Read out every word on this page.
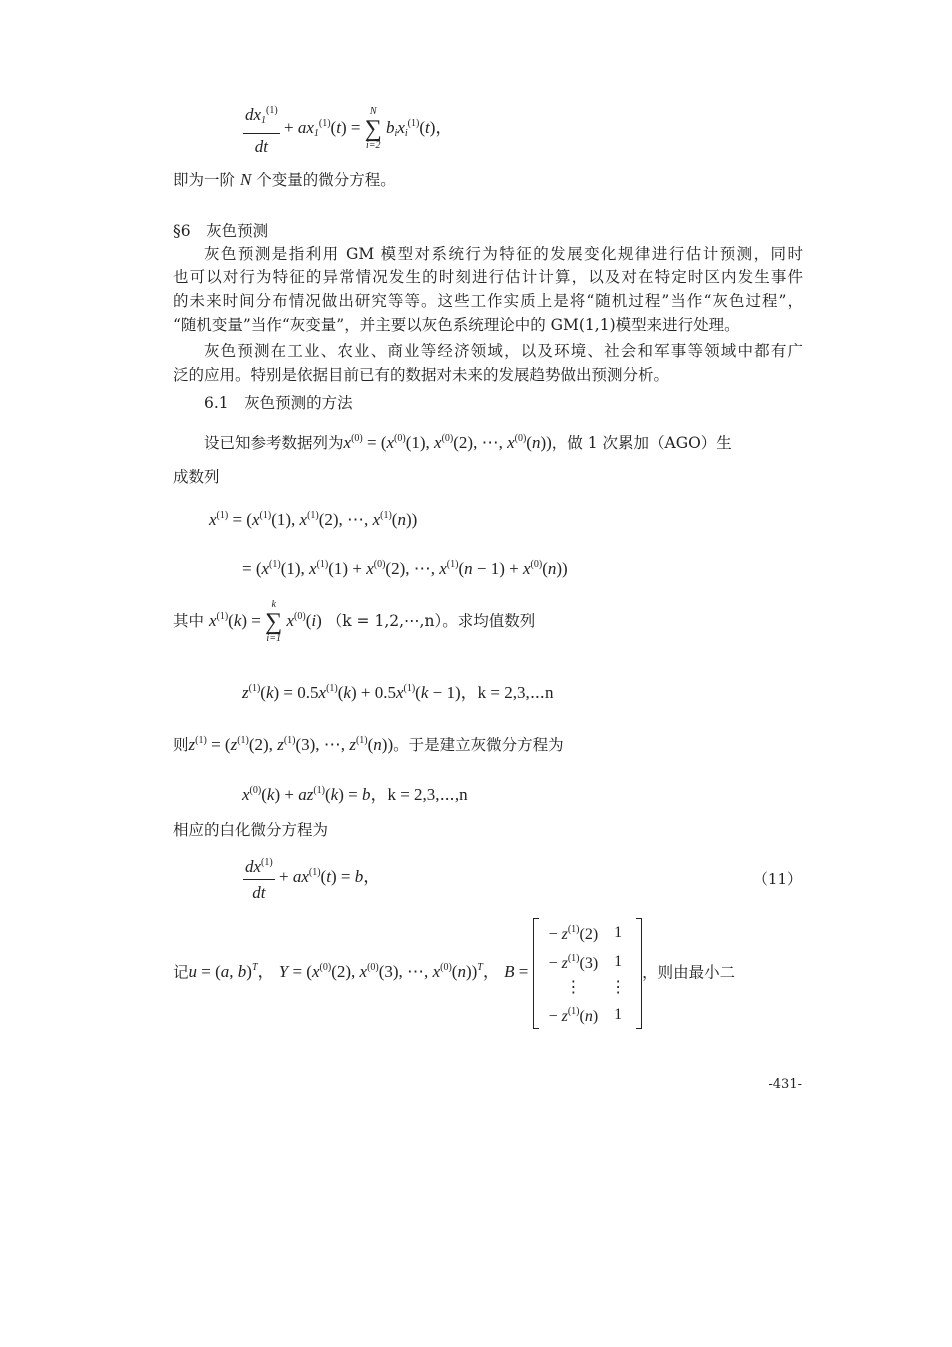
$\frac{dx_1^{(1)}}{dt} + ax_1^{(1)}(t)$ =
N
∑
i=2
$b_ix_i^{(1)}(t)$，
即为一阶 N 个变量的微分方程。
§6　灰色预测
灰色预测是指利用 GM 模型对系统行为特征的发展变化规律进行估计预测，同时
也可以对行为特征的异常情况发生的时刻进行估计计算，以及对在特定时区内发生事件
的未来时间分布情况做出研究等等。这些工作实质上是将“随机过程”当作“灰色过程”，
“随机变量”当作“灰变量”，并主要以灰色系统理论中的 GM(1,1)模型来进行处理。
灰色预测在工业、农业、商业等经济领域，以及环境、社会和军事等领域中都有广
泛的应用。特别是依据目前已有的数据对未来的发展趋势做出预测分析。
6.1　灰色预测的方法
设已知参考数据列为$x^{(0)} = (x^{(0)}(1)$, $x^{(0)}(2)$, ⋯, $x^{(0)}(n)$)，做 1 次累加（AGO）生
成数列
$x^{(1)} = (x^{(1)}(1)$, $x^{(1)}(2)$, ⋯, $x^{(1)}(n)$)
= ($x^{(1)}(1)$, $x^{(1)}(1) + x^{(0)}(2)$, ⋯, $x^{(1)}(n - 1) + x^{(0)}(n)$)
其中 $x^{(1)}(k)$ =
k
∑
i=1
$x^{(0)}(i) (k$ = 1,2,⋯,n）。求均值数列
$z^{(1)}(k) = 0.5x^{(1)}(k) + 0.5x^{(1)}(k - 1)$，k = 2,3,⋯n
则$z^{(1)} = (z^{(1)}(2)$, $z^{(1)}(3)$, ⋯, $z^{(1)}(n)$)。于是建立灰微分方程为
$x^{(0)}(k) + az^{(1)}(k) = b$，k = 2,3,⋯,n
相应的白化微分方程为
$\frac{dx^{(1)}}{dt} + ax^{(1)}(t) = b$，	（11）
记u = (a, b)$^T$， $Y = (x^{(0)}(2)$, $x^{(0)}(3)$, ⋯, $x^{(0)}(n))^T$， B =
− $z^{(1)}(2)$	1
− $z^{(1)}(3)$	1
⋮	⋮
− $z^{(1)}(n)$	1
，则由最小二
-431-
